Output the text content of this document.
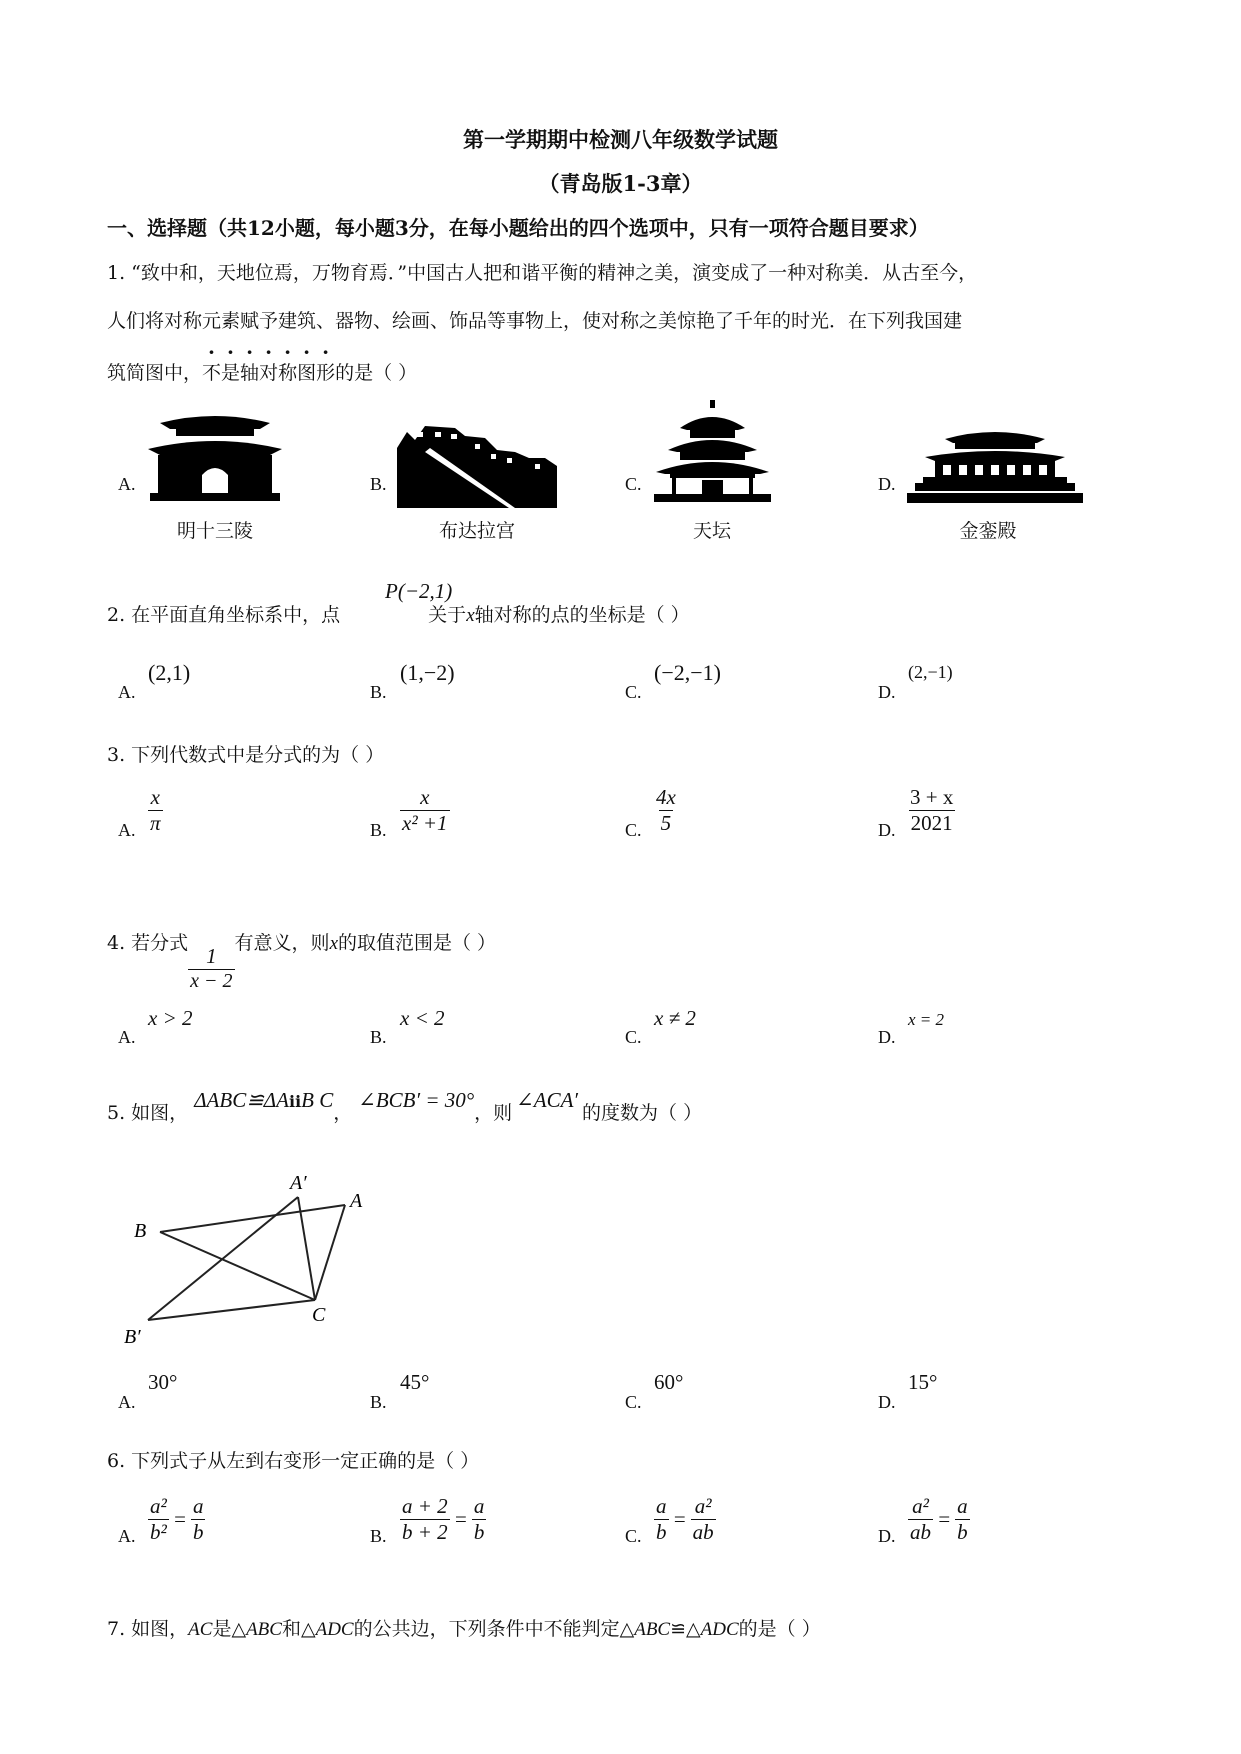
第一学期期中检测八年级数学试题
（青岛版1-3章）
一、选择题（共12小题，每小题3分，在每小题给出的四个选项中，只有一项符合题目要求）
1. “致中和，天地位焉，万物育焉．”中国古人把和谐平衡的精神之美，演变成了一种对称美．从古至今，
人们将对称元素赋予建筑、器物、绘画、饰品等事物上，使对称之美惊艳了千年的时光．在下列我国建
筑简图中，不是轴对称图形的是（ ）
A.
明十三陵
B.
布达拉宫
C.
天坛
D.
金銮殿
P(−2,1)
2. 在平面直角坐标系中，点	关于x轴对称的点的坐标是（ ）
A.
(2,1)
B.
(1,−2)
C.
(−2,−1)
D.
(2,−1)
3. 下列代数式中是分式的为（ ）
A. $\frac{x}{\pi}$	B. $\frac{x}{\text{x² +1}}$	C. $\frac{4x}{5}$	D. $\frac{3 + x}{2021}$
4. 若分式
$\frac{1}{x - 2}$
有意义，则x的取值范围是（ ）
A.
x > 2
B.
x < 2
C.
x ≠ 2
D.
x = 2
5. 如图， ΔABC≌ΔAⅱB C，∠BCB′ = 30°，则∠ACA′的度数为（ ）
A′
A
B
B′
C
A.
30°
B.
45°
C.
60°
D.
15°
6. 下列式子从左到右变形一定正确的是（ ）
A. $\frac{\text{a²}}{\text{b²}} = \frac{a}{b}$	B. $\frac{a + 2}{b + 2} = \frac{a}{b}$	C. $\frac{a}{b} = \frac{\text{a²}}{ab}$	D. $\frac{\text{a²}}{ab} = \frac{a}{b}$
7. 如图，AC是△ABC和△ADC的公共边，下列条件中不能判定△ABC≌△ADC的是（ ）
